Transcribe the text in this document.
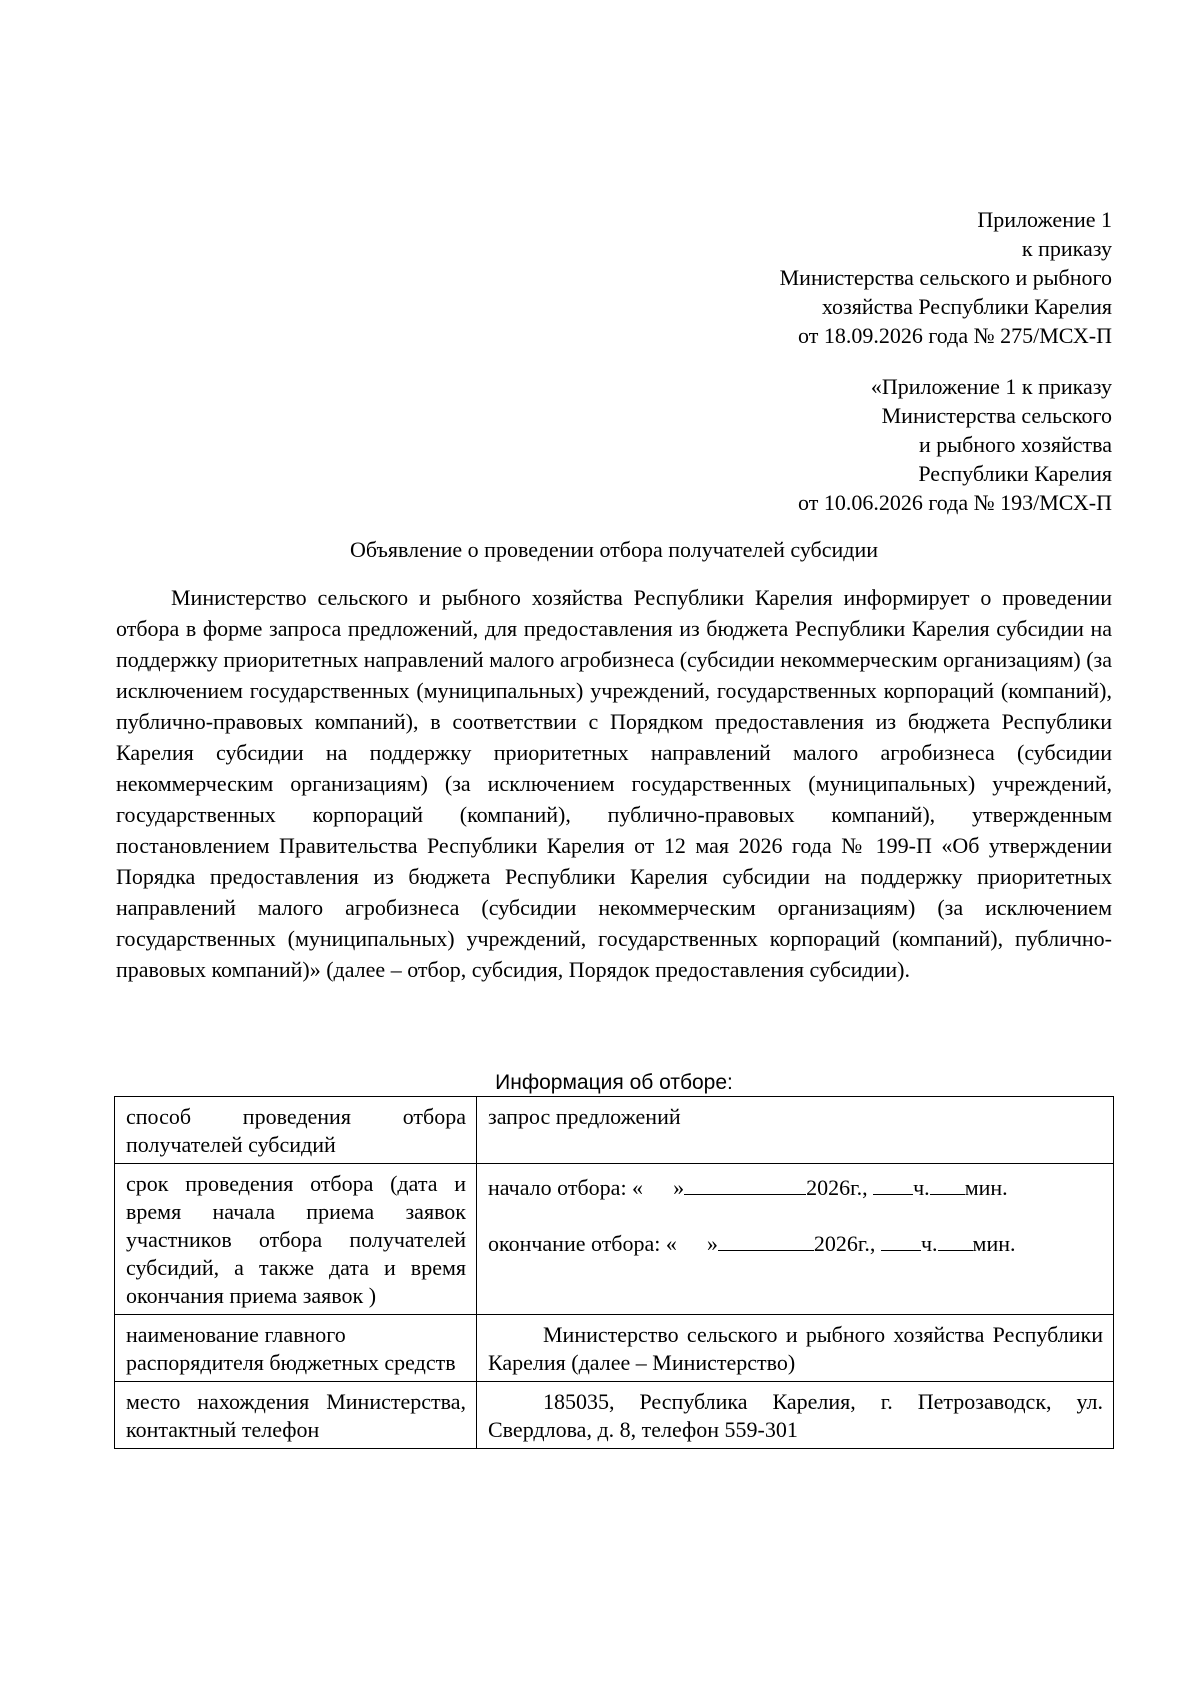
Приложение 1
к приказу
Министерства сельского и рыбного
хозяйства Республики Карелия
от 18.09.2026 года № 275/МСХ-П
«Приложение 1 к приказу
Министерства сельского
и рыбного хозяйства
Республики Карелия
от 10.06.2026 года № 193/МСХ-П
Объявление о проведении отбора получателей субсидии
Министерство сельского и рыбного хозяйства Республики Карелия информирует о проведении отбора в форме запроса предложений, для предоставления из бюджета Республики Карелия субсидии на поддержку приоритетных направлений малого агробизнеса (субсидии некоммерческим организациям) (за исключением государственных (муниципальных) учреждений, государственных корпораций (компаний), публично-правовых компаний), в соответствии с Порядком предоставления из бюджета Республики Карелия субсидии на поддержку приоритетных направлений малого агробизнеса (субсидии некоммерческим организациям) (за исключением государственных (муниципальных) учреждений, государственных корпораций (компаний), публично-правовых компаний), утвержденным постановлением Правительства Республики Карелия от 12 мая 2026 года № 199-П «Об утверждении Порядка предоставления из бюджета Республики Карелия субсидии на поддержку приоритетных направлений малого агробизнеса (субсидии некоммерческим организациям) (за исключением государственных (муниципальных) учреждений, государственных корпораций (компаний), публично-правовых компаний)» (далее – отбор, субсидия, Порядок предоставления субсидии).
Информация об отборе:
способ проведения отбора получателей субсидий	запрос предложений
срок проведения отбора (дата и время начала приема заявок участников отбора получателей субсидий, а также дата и время окончания приема заявок )	начало отбора: « » 2026г., ч. мин.
окончание отбора: « » 2026г., ч. мин.

наименование главного распорядителя бюджетных средств	Министерство сельского и рыбного хозяйства Республики Карелия (далее – Министерство)

место нахождения Министерства, контактный телефон	185035, Республика Карелия, г. Петрозаводск, ул. Свердлова, д. 8, телефон 559-301
